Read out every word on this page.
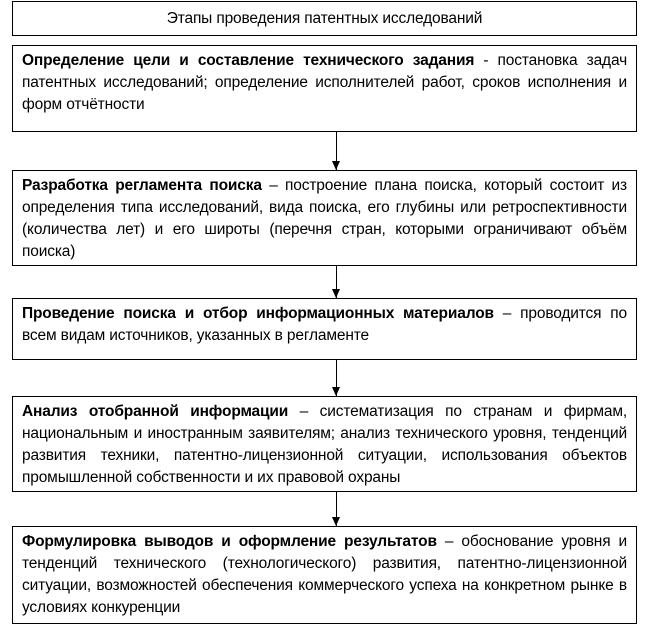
Этапы проведения патентных исследований
Определение цели и составление технического задания - постановка задач патентных исследований; определение исполнителей работ, сроков исполнения и форм отчётности
Разработка регламента поиска – построение плана поиска, который состоит из определения типа исследований, вида поиска, его глубины или ретроспективности (количества лет) и его широты (перечня стран, которыми ограничивают объём поиска)
Проведение поиска и отбор информационных материалов – проводится по всем видам источников, указанных в регламенте
Анализ отобранной информации – систематизация по странам и фирмам, национальным и иностранным заявителям; анализ технического уровня, тенденций развития техники, патентно-лицензионной ситуации, использования объектов промышленной собственности и их правовой охраны
Формулировка выводов и оформление результатов – обоснование уровня и тенденций технического (технологического) развития, патентно-лицензионной ситуации, возможностей обеспечения коммерческого успеха на конкретном рынке в условиях конкуренции
